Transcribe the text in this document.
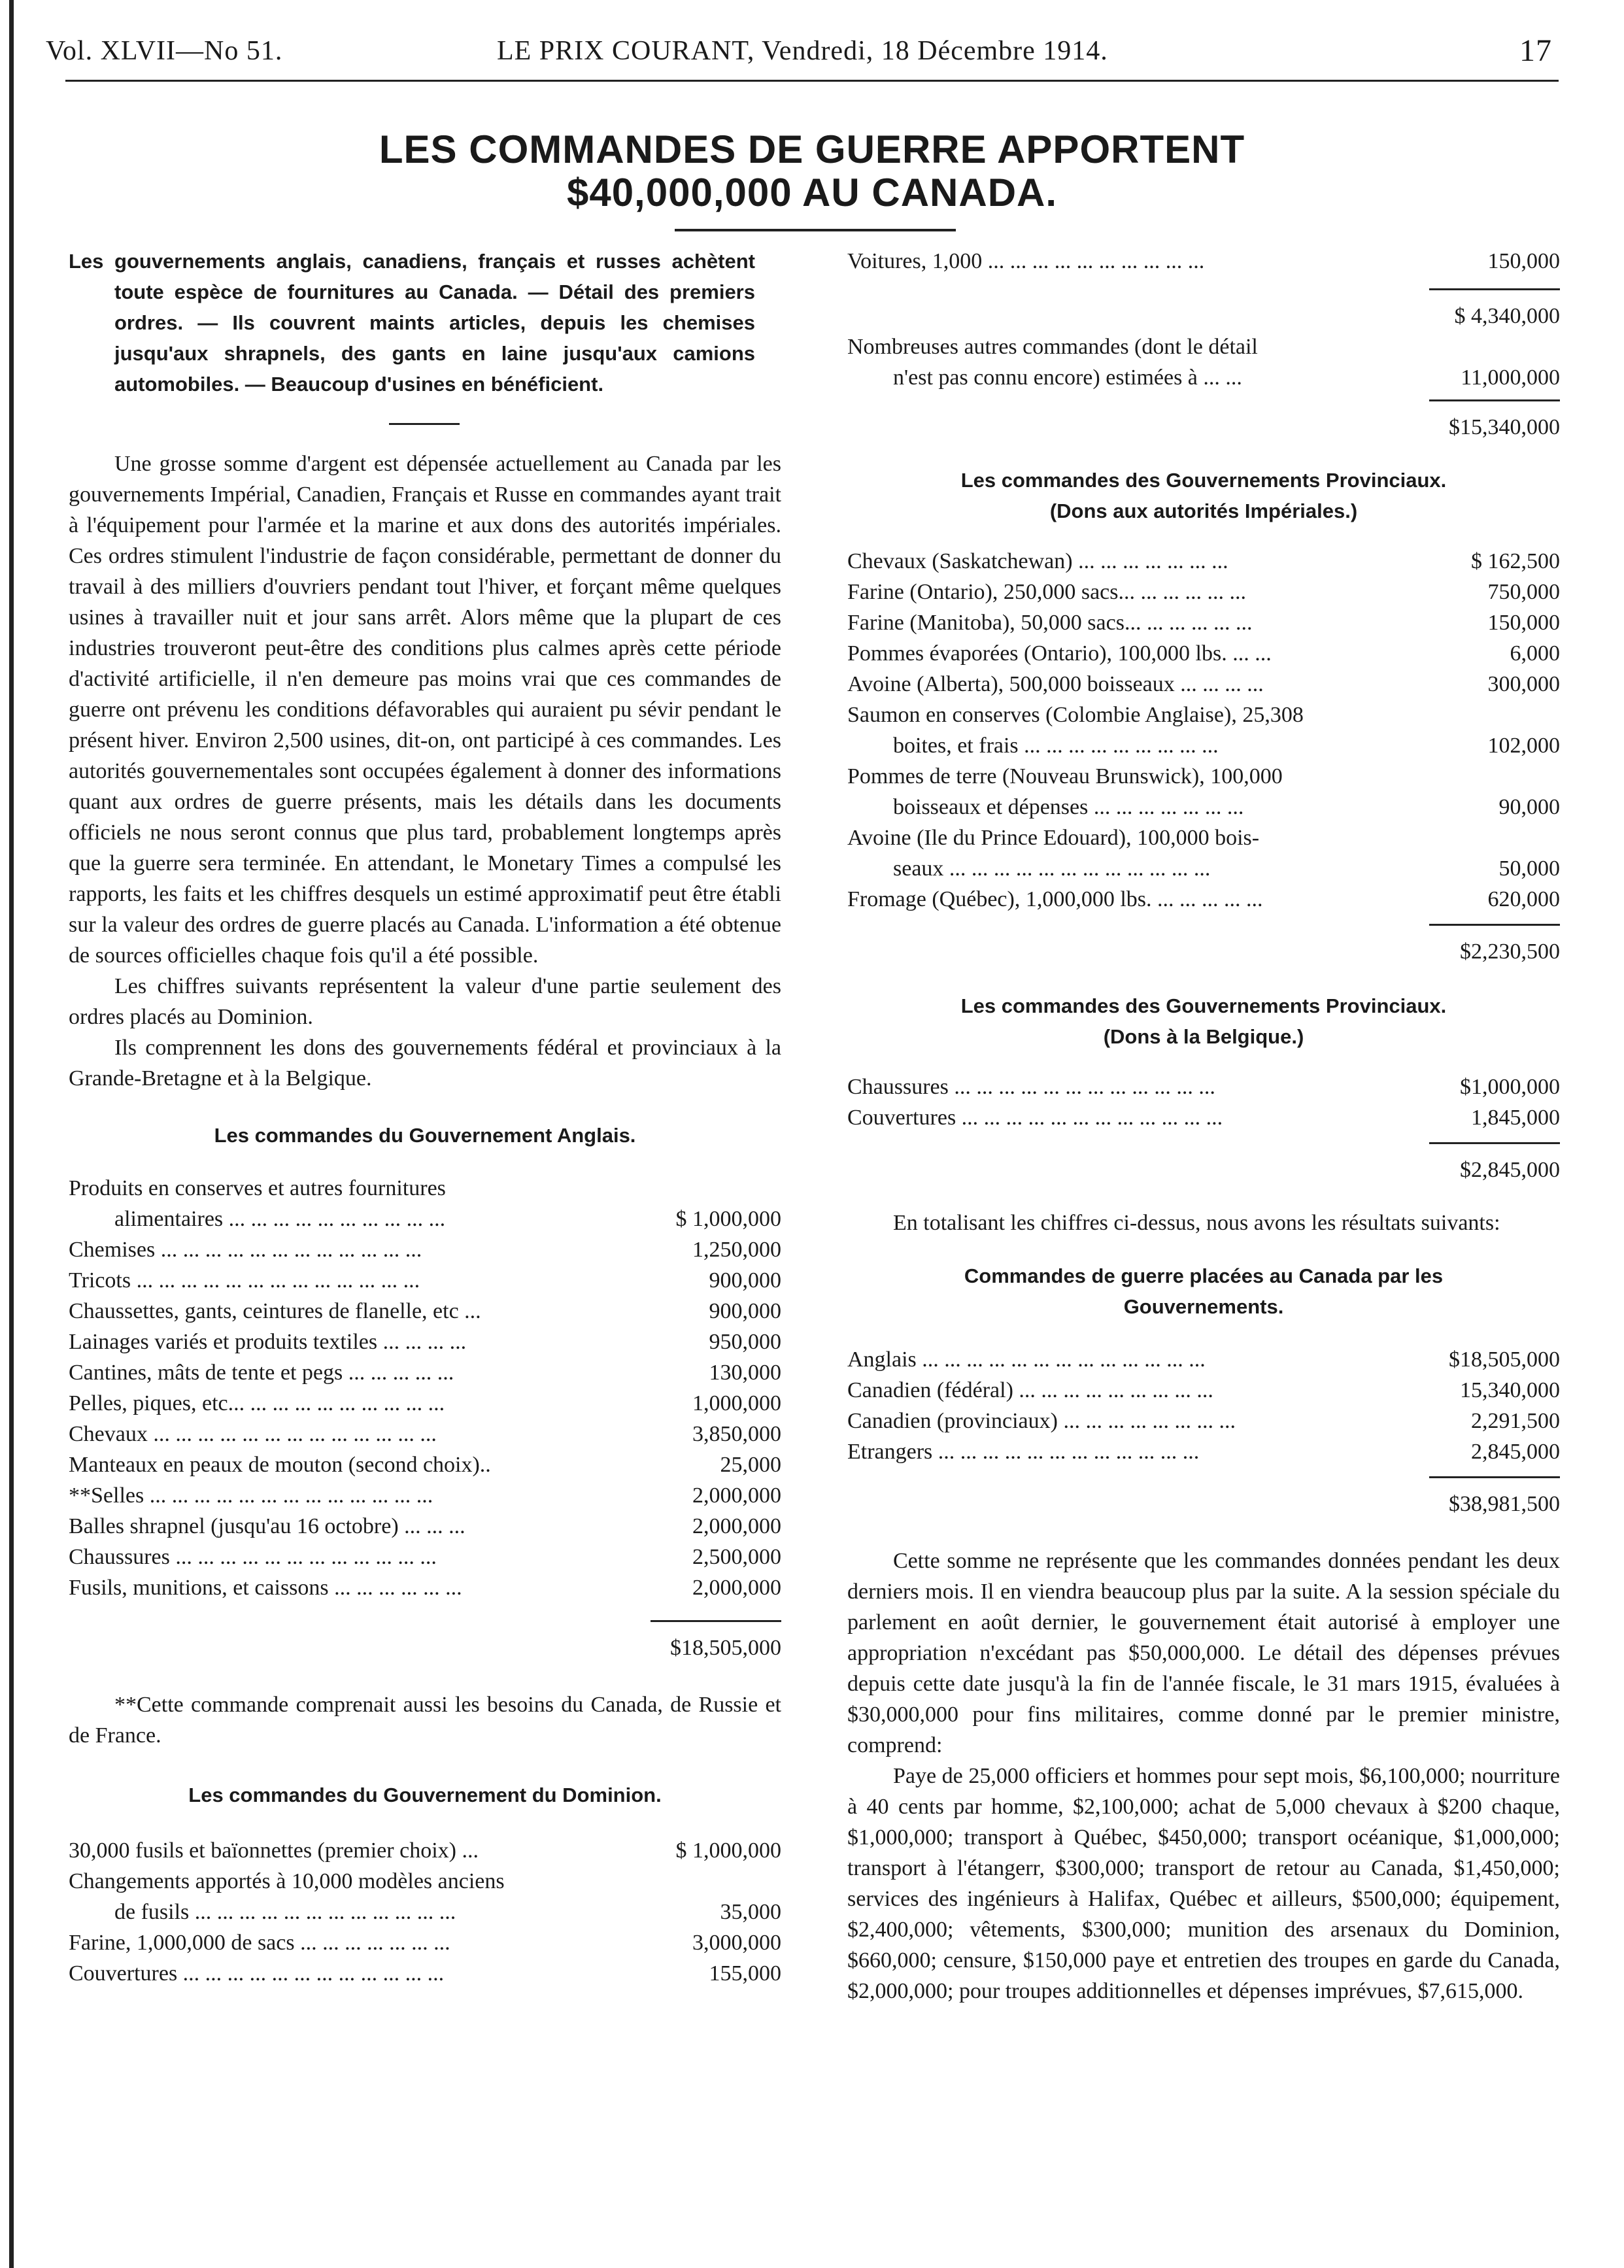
Vol. XLVII—No 51.	LE PRIX COURANT, Vendredi, 18 Décembre 1914.	17
LES COMMANDES DE GUERRE APPORTENT
$40,000,000 AU CANADA.

Les gouvernements anglais, canadiens, français et russes achètent toute espèce de fournitures au Canada. — Détail des premiers ordres. — Ils couvrent maints articles, depuis les chemises jusqu'aux shrapnels, des gants en laine jusqu'aux camions automobiles. — Beaucoup d'usines en bénéficient.

Une grosse somme d'argent est dépensée actuellement au Canada par les gouvernements Impérial, Canadien, Français et Russe en commandes ayant trait à l'équipement pour l'armée et la marine et aux dons des autorités impériales. Ces ordres stimulent l'industrie de façon considérable, permettant de donner du travail à des milliers d'ouvriers pendant tout l'hiver, et forçant même quelques usines à travailler nuit et jour sans arrêt. Alors même que la plupart de ces industries trouveront peut-être des conditions plus calmes après cette période d'activité artificielle, il n'en demeure pas moins vrai que ces commandes de guerre ont prévenu les conditions défavorables qui auraient pu sévir pendant le présent hiver. Environ 2,500 usines, dit-on, ont participé à ces commandes. Les autorités gouvernementales sont occupées également à donner des informations quant aux ordres de guerre présents, mais les détails dans les documents officiels ne nous seront connus que plus tard, probablement longtemps après que la guerre sera terminée. En attendant, le Monetary Times a compulsé les rapports, les faits et les chiffres desquels un estimé approximatif peut être établi sur la valeur des ordres de guerre placés au Canada. L'information a été obtenue de sources officielles chaque fois qu'il a été possible.

Les chiffres suivants représentent la valeur d'une partie seulement des ordres placés au Dominion.

Ils comprennent les dons des gouvernements fédéral et provinciaux à la Grande-Bretagne et à la Belgique.

Les commandes du Gouvernement Anglais.
Produits en conserves et autres fournitures
alimentaires ... ... ... ... ... ... ... ... ... ...	$ 1,000,000
Chemises ... ... ... ... ... ... ... ... ... ... ... ...	1,250,000
Tricots ... ... ... ... ... ... ... ... ... ... ... ... ...	900,000
Chaussettes, gants, ceintures de flanelle, etc ...	900,000
Lainages variés et produits textiles ... ... ... ...	950,000
Cantines, mâts de tente et pegs ... ... ... ... ...	130,000
Pelles, piques, etc... ... ... ... ... ... ... ... ... ...	1,000,000
Chevaux ... ... ... ... ... ... ... ... ... ... ... ... ...	3,850,000
Manteaux en peaux de mouton (second choix)..	25,000
**Selles ... ... ... ... ... ... ... ... ... ... ... ... ...	2,000,000
Balles shrapnel (jusqu'au 16 octobre) ... ... ...	2,000,000
Chaussures ... ... ... ... ... ... ... ... ... ... ... ...	2,500,000
Fusils, munitions, et caissons ... ... ... ... ... ...	2,000,000
$18,505,000

**Cette commande comprenait aussi les besoins du Canada, de Russie et de France.

Les commandes du Gouvernement du Dominion.
30,000 fusils et baïonnettes (premier choix) ...	$ 1,000,000
Changements apportés à 10,000 modèles anciens
de fusils ... ... ... ... ... ... ... ... ... ... ... ...	35,000
Farine, 1,000,000 de sacs ... ... ... ... ... ... ...	3,000,000
Couvertures ... ... ... ... ... ... ... ... ... ... ... ...	155,000
Voitures, 1,000 ... ... ... ... ... ... ... ... ... ...	150,000
$ 4,340,000
Nombreuses autres commandes (dont le détail
n'est pas connu encore) estimées à ... ...	11,000,000
$15,340,000
Les commandes des Gouvernements Provinciaux.
(Dons aux autorités Impériales.)
Chevaux (Saskatchewan) ... ... ... ... ... ... ...	$ 162,500
Farine (Ontario), 250,000 sacs... ... ... ... ... ...	750,000
Farine (Manitoba), 50,000 sacs... ... ... ... ... ...	150,000
Pommes évaporées (Ontario), 100,000 lbs. ... ...	6,000
Avoine (Alberta), 500,000 boisseaux ... ... ... ...	300,000
Saumon en conserves (Colombie Anglaise), 25,308
boites, et frais ... ... ... ... ... ... ... ... ...	102,000
Pommes de terre (Nouveau Brunswick), 100,000
boisseaux et dépenses ... ... ... ... ... ... ...	90,000
Avoine (Ile du Prince Edouard), 100,000 bois-
seaux ... ... ... ... ... ... ... ... ... ... ... ...	50,000
Fromage (Québec), 1,000,000 lbs. ... ... ... ... ...	620,000
$2,230,500
Les commandes des Gouvernements Provinciaux.
(Dons à la Belgique.)
Chaussures ... ... ... ... ... ... ... ... ... ... ... ...	$1,000,000
Couvertures ... ... ... ... ... ... ... ... ... ... ... ...	1,845,000
$2,845,000

En totalisant les chiffres ci-dessus, nous avons les résultats suivants:

Commandes de guerre placées au Canada par les
Gouvernements.
Anglais ... ... ... ... ... ... ... ... ... ... ... ... ...	$18,505,000
Canadien (fédéral) ... ... ... ... ... ... ... ... ...	15,340,000
Canadien (provinciaux) ... ... ... ... ... ... ... ...	2,291,500
Etrangers ... ... ... ... ... ... ... ... ... ... ... ...	2,845,000
$38,981,500

Cette somme ne représente que les commandes données pendant les deux derniers mois. Il en viendra beaucoup plus par la suite. A la session spéciale du parlement en août dernier, le gouvernement était autorisé à employer une appropriation n'excédant pas $50,000,000. Le détail des dépenses prévues depuis cette date jusqu'à la fin de l'année fiscale, le 31 mars 1915, évaluées à $30,000,000 pour fins militaires, comme donné par le premier ministre, comprend:

Paye de 25,000 officiers et hommes pour sept mois, $6,100,000; nourriture à 40 cents par homme, $2,100,000; achat de 5,000 chevaux à $200 chaque, $1,000,000; transport à Québec, $450,000; transport océanique, $1,000,000; transport à l'étangerr, $300,000; transport de retour au Canada, $1,450,000; services des ingénieurs à Halifax, Québec et ailleurs, $500,000; équipement, $2,400,000; vêtements, $300,000; munition des arsenaux du Dominion, $660,000; censure, $150,000 paye et entretien des troupes en garde du Canada, $2,000,000; pour troupes additionnelles et dépenses imprévues, $7,615,000.
